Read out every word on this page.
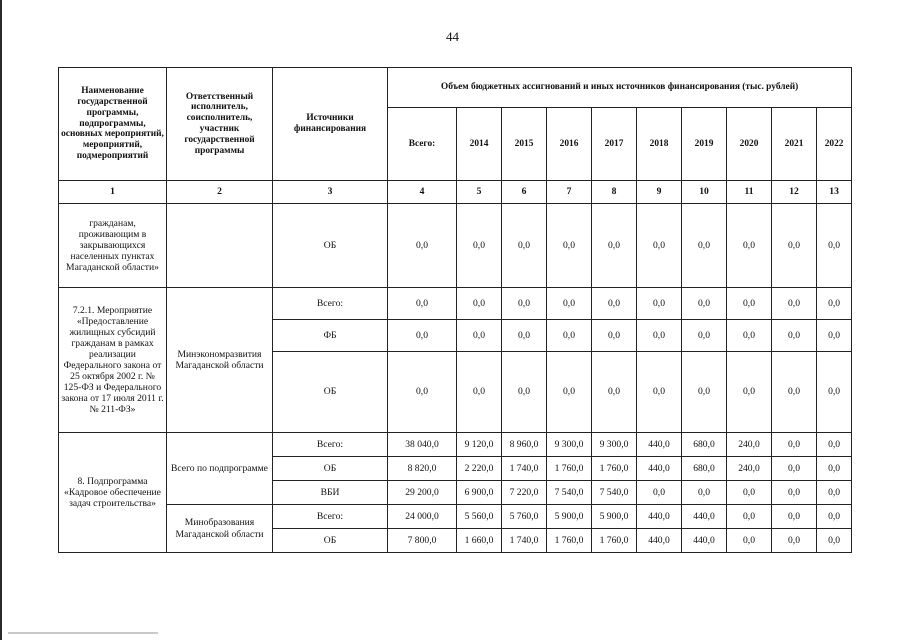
44
Наименование государственной программы, подпрограммы, основных мероприятий, мероприятий, подмероприятий	Ответственный исполнитель, соисполнитель, участник государственной программы	Источники финансирования	Объем бюджетных ассигнований и иных источников финансирования (тыс. рублей)									
			Всего:	2014	2015	2016	2017	2018	2019	2020	2021	2022
1	2	3	4	5	6	7	8	9	10	11	12	13
гражданам, проживающим в закрывающихся населенных пунктах Магаданской области»		ОБ	0,0	0,0	0,0	0,0	0,0	0,0	0,0	0,0	0,0	0,0
7.2.1. Мероприятие «Предоставление жилищных субсидий гражданам в рамках реализации Федерального закона от 25 октября 2002 г. № 125-ФЗ и Федерального закона от 17 июля 2011 г. № 211-ФЗ»	Минэкономразвития Магаданской области	Всего:	0,0	0,0	0,0	0,0	0,0	0,0	0,0	0,0	0,0	0,0
		ФБ	0,0	0,0	0,0	0,0	0,0	0,0	0,0	0,0	0,0	0,0
		ОБ	0,0	0,0	0,0	0,0	0,0	0,0	0,0	0,0	0,0	0,0
8. Подпрограмма «Кадровое обеспечение задач строительства»	Всего по подпрограмме	Всего:	38 040,0	9 120,0	8 960,0	9 300,0	9 300,0	440,0	680,0	240,0	0,0	0,0
		ОБ	8 820,0	2 220,0	1 740,0	1 760,0	1 760,0	440,0	680,0	240,0	0,0	0,0
		ВБИ	29 200,0	6 900,0	7 220,0	7 540,0	7 540,0	0,0	0,0	0,0	0,0	0,0
	Минобразования Магаданской области	Всего:	24 000,0	5 560,0	5 760,0	5 900,0	5 900,0	440,0	440,0	0,0	0,0	0,0
		ОБ	7 800,0	1 660,0	1 740,0	1 760,0	1 760,0	440,0	440,0	0,0	0,0	0,0
